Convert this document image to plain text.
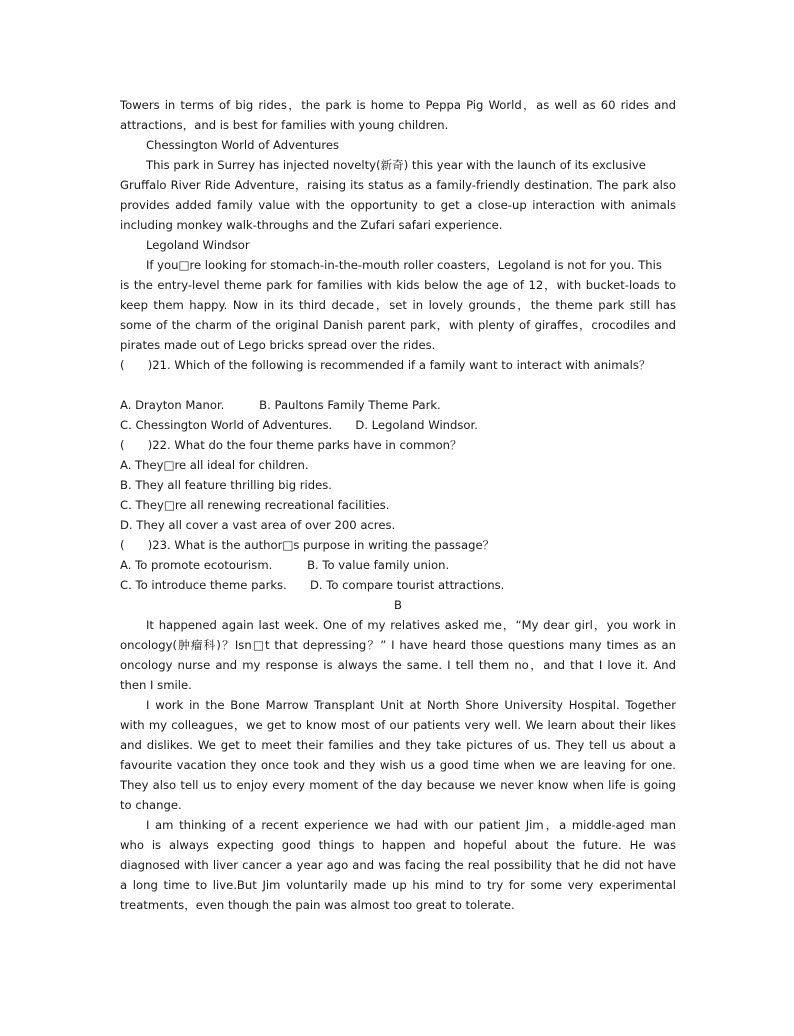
Towers in terms of big rides，the park is home to Peppa Pig World，as well as 60 rides and
attractions，and is best for families with young children.
Chessington World of Adventures
This park in Surrey has injected novelty(新奇) this year with the launch of its exclusive
Gruffalo River Ride Adventure，raising its status as a family-friendly destination. The park also
provides added family value with the opportunity to get a close-up interaction with animals
including monkey walk-throughs and the Zufari safari experience.
Legoland Windsor
If you□re looking for stomach-in-the-mouth roller coasters，Legoland is not for you. This
is the entry-level theme park for families with kids below the age of 12，with bucket-loads to
keep them happy. Now in its third decade，set in lovely grounds，the theme park still has
some of the charm of the original Danish parent park，with plenty of giraffes，crocodiles and
pirates made out of Lego bricks spread over the rides.
(　　)21. Which of the following is recommended if a family want to interact with animals？
A. Drayton Manor.　　　B. Paultons Family Theme Park.
C. Chessington World of Adventures.　　D. Legoland Windsor.
(　　)22. What do the four theme parks have in common？
A. They□re all ideal for children.
B. They all feature thrilling big rides.
C. They□re all renewing recreational facilities.
D. They all cover a vast area of over 200 acres.
(　　)23. What is the author□s purpose in writing the passage？
A. To promote ecotourism.　　　B. To value family union.
C. To introduce theme parks.　　D. To compare tourist attractions.
B
It happened again last week. One of my relatives asked me，“My dear girl，you work in
oncology(肿瘤科)？Isn□t that depressing？” I have heard those questions many times as an
oncology nurse and my response is always the same. I tell them no，and that I love it. And
then I smile.
I work in the Bone Marrow Transplant Unit at North Shore University Hospital. Together
with my colleagues，we get to know most of our patients very well. We learn about their likes
and dislikes. We get to meet their families and they take pictures of us. They tell us about a
favourite vacation they once took and they wish us a good time when we are leaving for one.
They also tell us to enjoy every moment of the day because we never know when life is going
to change.
I am thinking of a recent experience we had with our patient Jim，a middle-aged man
who is always expecting good things to happen and hopeful about the future. He was
diagnosed with liver cancer a year ago and was facing the real possibility that he did not have
a long time to live.But Jim voluntarily made up his mind to try for some very experimental
treatments，even though the pain was almost too great to tolerate.
